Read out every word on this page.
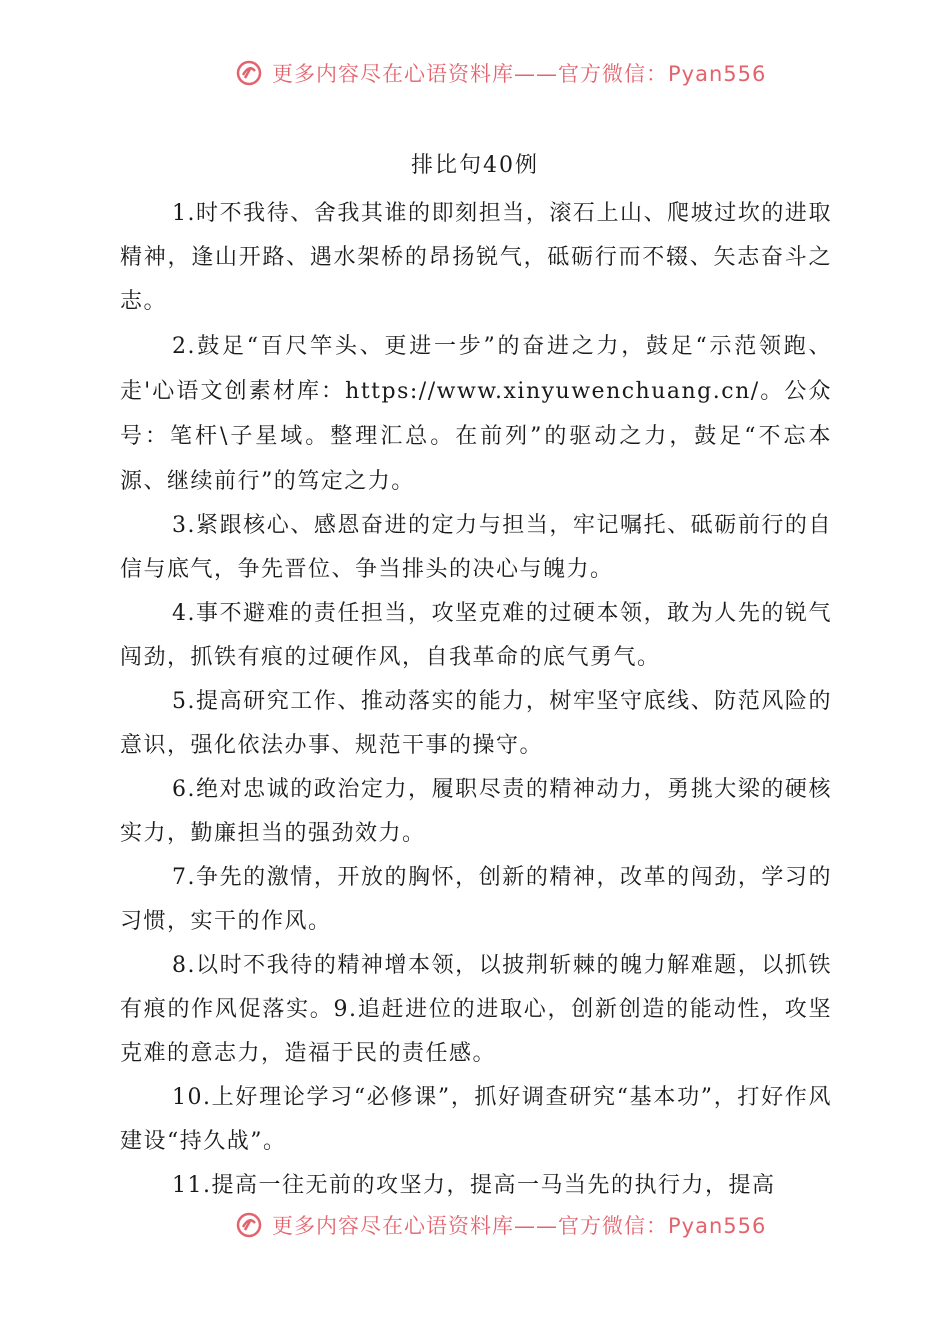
更多内容尽在心语资料库——官方微信：Pyan556
排比句40例

1.时不我待、舍我其谁的即刻担当，滚石上山、爬坡过坎的进取精神，逢山开路、遇水架桥的昂扬锐气，砥砺行而不辍、矢志奋斗之志。

2.鼓足“百尺竿头、更进一步”的奋进之力，鼓足“示范领跑、走'心语文创素材库：https://www.xinyuwenchuang.cn/。公众号：笔杆\子星域。整理汇总。在前列”的驱动之力，鼓足“不忘本源、继续前行”的笃定之力。

3.紧跟核心、感恩奋进的定力与担当，牢记嘱托、砥砺前行的自信与底气，争先晋位、争当排头的决心与魄力。

4.事不避难的责任担当，攻坚克难的过硬本领，敢为人先的锐气闯劲，抓铁有痕的过硬作风，自我革命的底气勇气。

5.提高研究工作、推动落实的能力，树牢坚守底线、防范风险的意识，强化依法办事、规范干事的操守。

6.绝对忠诚的政治定力，履职尽责的精神动力，勇挑大梁的硬核实力，勤廉担当的强劲效力。

7.争先的激情，开放的胸怀，创新的精神，改革的闯劲，学习的习惯，实干的作风。

8.以时不我待的精神增本领，以披荆斩棘的魄力解难题，以抓铁有痕的作风促落实。9.追赶进位的进取心，创新创造的能动性，攻坚克难的意志力，造福于民的责任感。

10.上好理论学习“必修课”，抓好调查研究“基本功”，打好作风建设“持久战”。

11.提高一往无前的攻坚力，提高一马当先的执行力，提高

更多内容尽在心语资料库——官方微信：Pyan556
